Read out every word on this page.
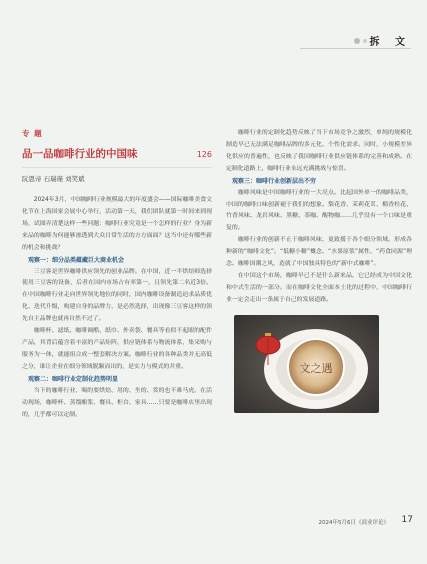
拆 文
专 题
品一品咖啡行业的中国味	126
阮恩帝 石瑞瑾 刘笑斌

2024年3月，中国咖啡行业规模最大的年度盛会——国际咖啡美食文化节在上海国家会展中心举行，活动第一天，我们团队就第一时间来到现场，试图弄清楚这样一些问题：咖啡行业究竟是一个怎样的行业？身为新来品的咖啡为何能够渗透到大众日常生活的方方面面？这当中还有哪些新的机会和挑战？

观察一：细分品类蕴藏巨大商业机会

三豆客是世界咖啡供应领先的创业品牌。在中国，近一半烘焙师选择使用三豆客的设备，后者在国内市场占有率第一，且领先第二名近3倍。在中国咖啡行业走向世界领先地位的同时，国内咖啡设备制造迫求品质优化、迭代升级，构建自身的品牌力，是必然选择，出现像三豆客这样的领先自主品牌也就再自然不过了。

咖啡杯、滤纸、咖啡调酷、纸巾、外卖袋、餐具等看似不起眼的配件产品，其背后蕴含着丰富的产品矩阵，供应链体系与物流体系，集采购与服务为一体，就能组合成一整套解决方案。咖啡行业的各种品类并无高低之分，谁让企业在细分领域脱颖而出的，是实力与模式的并重。

观察二：咖啡行业定制化趋势明显

当下的咖啡行业，喝的要烘焙、用的、坐的、赏的也不难马虎。在活动现场，咖啡杯、蒸馏酿浆、餐具、柜台、家具……只要是咖啡店里出现的，几乎都可以定制。

咖啡行业的定制化趋势反映了当下市场竞争之激烈，单纯的规模化制造早已无法满足咖啡品牌的多元化、个性化需求。同时，小规模差异化供应的普遍性，也反映了我国咖啡行业供应链体系的完善和成熟。在定制化道路上，咖啡行业永远充满挑战与惊喜。

观察三：咖啡行业创新层出不穷

咖啡风味是中国咖啡行业的一大亮点。比起国外单一的咖啡品类，中国的咖啡口味创新褪于我们的想象。梨花香、茉莉花茗、榴香柱花、竹香风味、龙岩风味、黑糖、茶咖、酸物咖……几乎没有一个口味是重复的。

咖啡行业的创新不止于咖啡风味，更致援于各个细分领域。形成各种新的“咖啡文化”。“低糖小糖”概念、“水果原浆”属性、“药食同源”理念、咖啡国潮之风，造就了中国独具特色的“新中式咖啡”。

在中国这个市场，咖啡早已不是什么新来品，它已经成为中国文化和中式生活的一部分。而在咖啡文化全面本土化的过程中，中国咖啡行业一定会走出一条属于自己的发展道路。

文之遇
2024年5月6日《商业评论》 17
